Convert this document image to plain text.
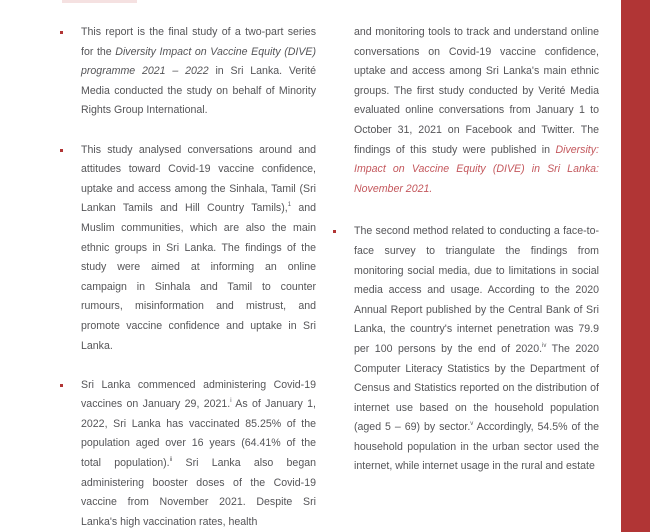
This report is the final study of a two-part series for the Diversity Impact on Vaccine Equity (DIVE) programme 2021 – 2022 in Sri Lanka. Verité Media conducted the study on behalf of Minority Rights Group International.

This study analysed conversations around and attitudes toward Covid-19 vaccine confidence, uptake and access among the Sinhala, Tamil (Sri Lankan Tamils and Hill Country Tamils),$^1$ and Muslim communities, which are also the main ethnic groups in Sri Lanka. The findings of the study were aimed at informing an online campaign in Sinhala and Tamil to counter rumours, misinformation and mistrust, and promote vaccine confidence and uptake in Sri Lanka.

Sri Lanka commenced administering Covid-19 vaccines on January 29, 2021.$^i$ As of January 1, 2022, Sri Lanka has vaccinated 85.25% of the population aged over 16 years (64.41% of the total population).$^{ii}$ Sri Lanka also began administering booster doses of the Covid-19 vaccine from November 2021. Despite Sri Lanka's high vaccination rates, health

and monitoring tools to track and understand online conversations on Covid-19 vaccine confidence, uptake and access among Sri Lanka's main ethnic groups. The first study conducted by Verité Media evaluated online conversations from January 1 to October 31, 2021 on Facebook and Twitter. The findings of this study were published in Diversity: Impact on Vaccine Equity (DIVE) in Sri Lanka: November 2021.

The second method related to conducting a face-to-face survey to triangulate the findings from monitoring social media, due to limitations in social media access and usage. According to the 2020 Annual Report published by the Central Bank of Sri Lanka, the country's internet penetration was 79.9 per 100 persons by the end of 2020.$^{iv}$ The 2020 Computer Literacy Statistics by the Department of Census and Statistics reported on the distribution of internet use based on the household population (aged 5 – 69) by sector.$^v$ Accordingly, 54.5% of the household population in the urban sector used the internet, while internet usage in the rural and estate
